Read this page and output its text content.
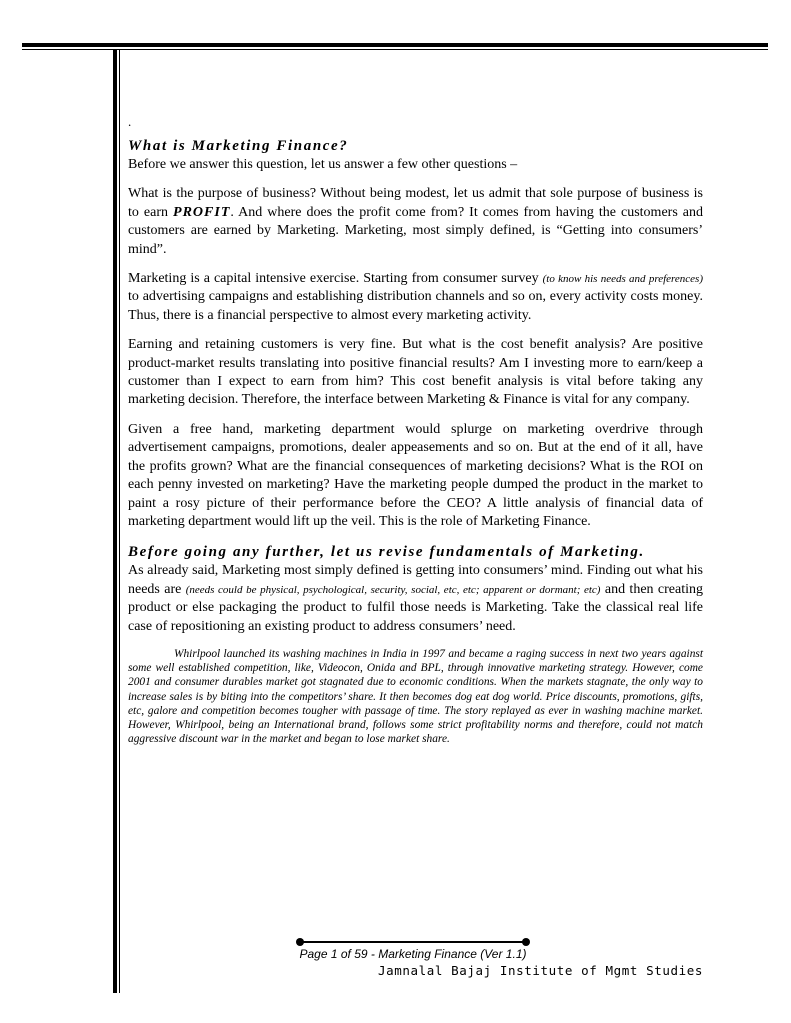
.
What is Marketing Finance?

Before we answer this question, let us answer a few other questions –

What is the purpose of business? Without being modest, let us admit that sole purpose of business is to earn PROFIT. And where does the profit come from? It comes from having the customers and customers are earned by Marketing. Marketing, most simply defined, is “Getting into consumers’ mind”.

Marketing is a capital intensive exercise. Starting from consumer survey (to know his needs and preferences) to advertising campaigns and establishing distribution channels and so on, every activity costs money. Thus, there is a financial perspective to almost every marketing activity.

Earning and retaining customers is very fine. But what is the cost benefit analysis? Are positive product-market results translating into positive financial results? Am I investing more to earn/keep a customer than I expect to earn from him? This cost benefit analysis is vital before taking any marketing decision. Therefore, the interface between Marketing & Finance is vital for any company.

Given a free hand, marketing department would splurge on marketing overdrive through advertisement campaigns, promotions, dealer appeasements and so on. But at the end of it all, have the profits grown? What are the financial consequences of marketing decisions? What is the ROI on each penny invested on marketing? Have the marketing people dumped the product in the market to paint a rosy picture of their performance before the CEO? A little analysis of financial data of marketing department would lift up the veil. This is the role of Marketing Finance.

Before going any further, let us revise fundamentals of Marketing.

As already said, Marketing most simply defined is getting into consumers’ mind. Finding out what his needs are (needs could be physical, psychological, security, social, etc, etc; apparent or dormant; etc) and then creating product or else packaging the product to fulfil those needs is Marketing. Take the classical real life case of repositioning an existing product to address consumers’ need.

Whirlpool launched its washing machines in India in 1997 and became a raging success in next two years against some well established competition, like, Videocon, Onida and BPL, through innovative marketing strategy. However, come 2001 and consumer durables market got stagnated due to economic conditions. When the markets stagnate, the only way to increase sales is by biting into the competitors’ share. It then becomes dog eat dog world. Price discounts, promotions, gifts, etc, galore and competition becomes tougher with passage of time. The story replayed as ever in washing machine market. However, Whirlpool, being an International brand, follows some strict profitability norms and therefore, could not match aggressive discount war in the market and began to lose market share.

Page 1 of 59 - Marketing Finance (Ver 1.1)
Jamnalal Bajaj Institute of Mgmt Studies
